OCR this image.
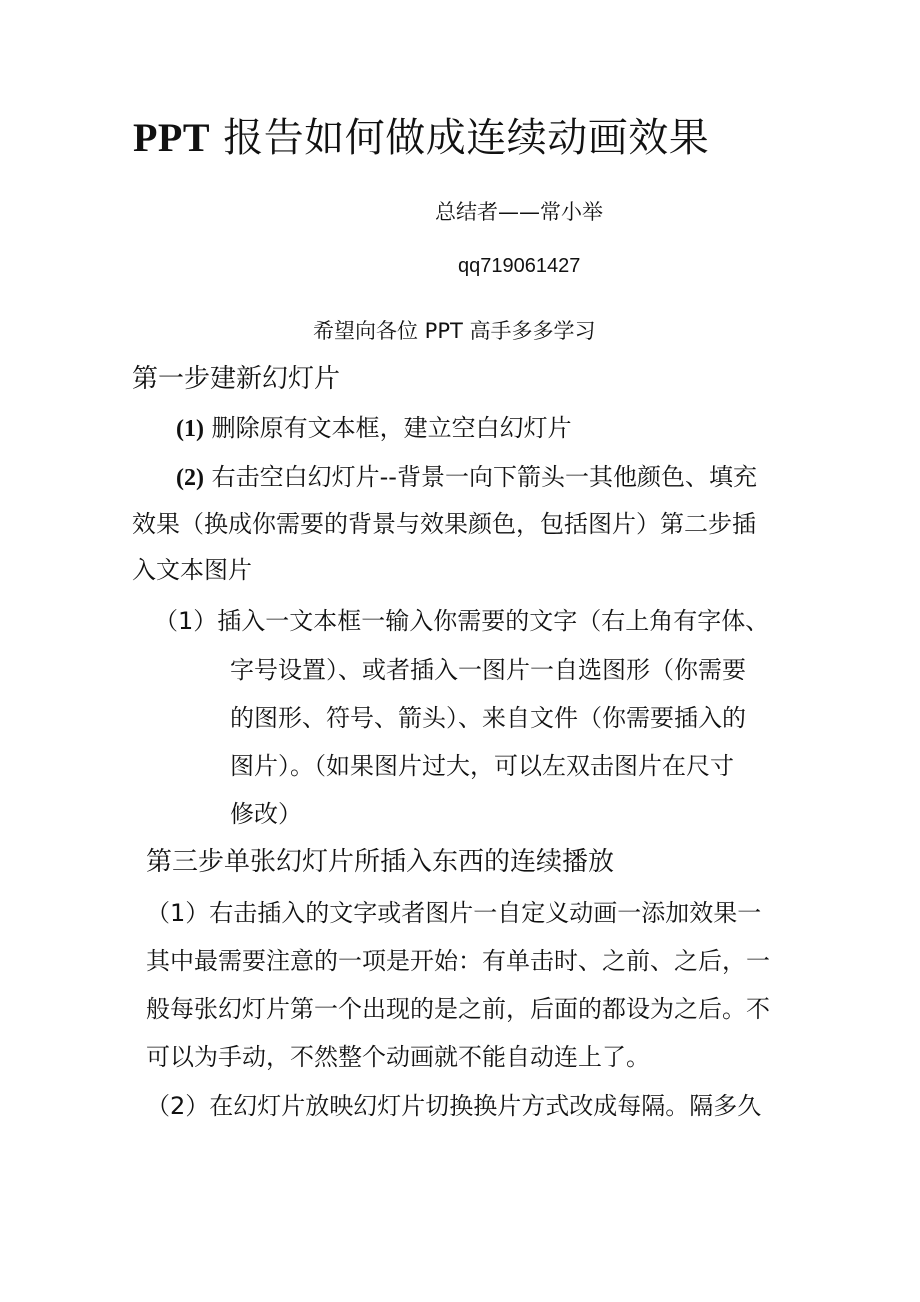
PPT 报告如何做成连续动画效果
总结者——常小举
qq719061427
希望向各位 PPT 高手多多学习
第一步建新幻灯片
(1) 删除原有文本框，建立空白幻灯片
(2) 右击空白幻灯片--背景一向下箭头一其他颜色、填充
效果（换成你需要的背景与效果颜色，包括图片）第二步插
入文本图片
（1）插入一文本框一输入你需要的文字（右上角有字体、
字号设置）、或者插入一图片一自选图形（你需要
的图形、符号、箭头）、来自文件（你需要插入的
图片）。（如果图片过大，可以左双击图片在尺寸
修改）
第三步单张幻灯片所插入东西的连续播放
（1）右击插入的文字或者图片一自定义动画一添加效果一
其中最需要注意的一项是开始：有单击时、之前、之后，一
般每张幻灯片第一个出现的是之前，后面的都设为之后。不
可以为手动，不然整个动画就不能自动连上了。
（2）在幻灯片放映幻灯片切换换片方式改成每隔。隔多久
